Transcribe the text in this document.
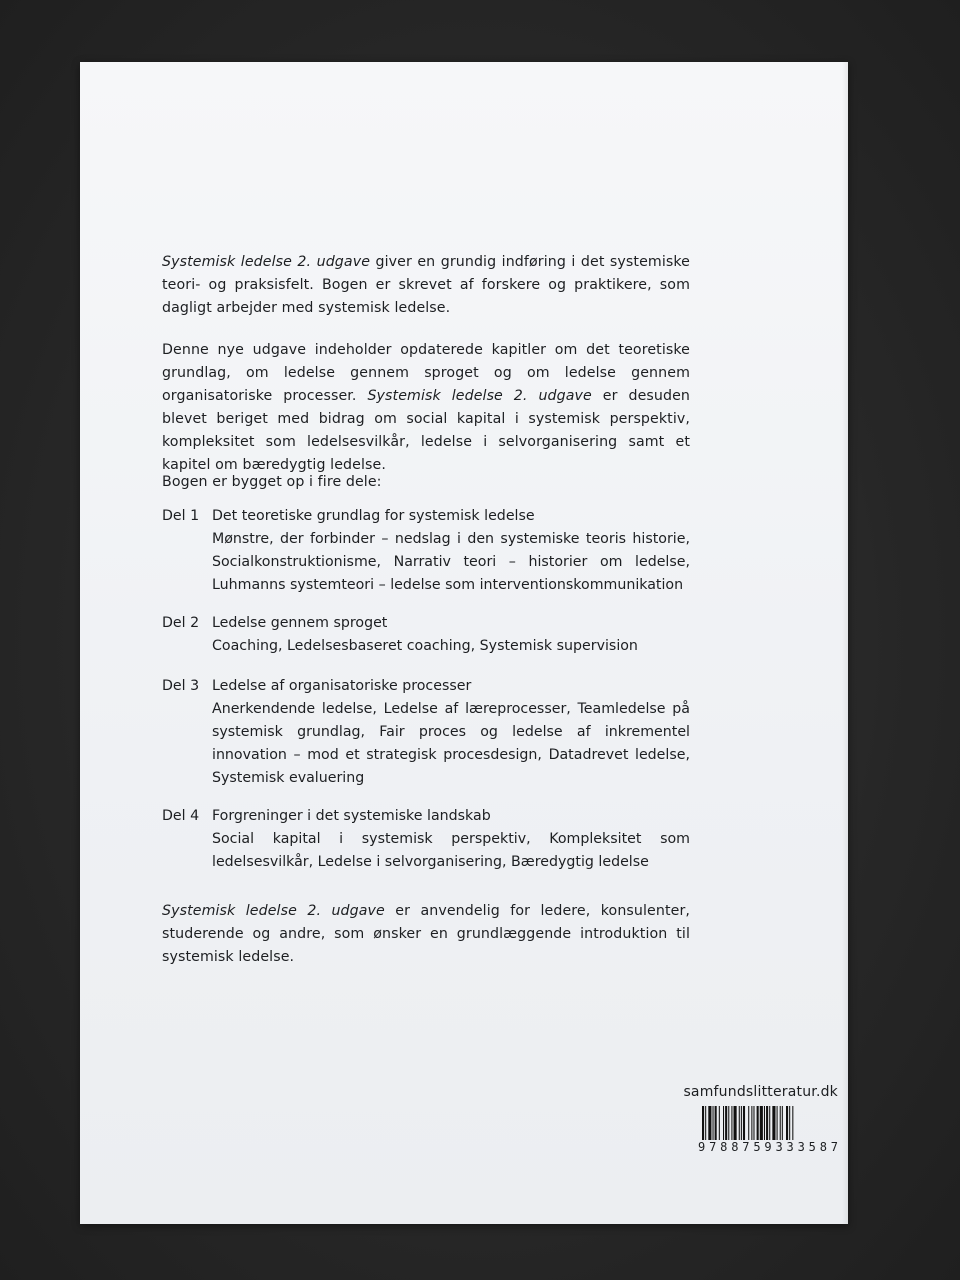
Systemisk ledelse 2. udgave giver en grundig indføring i det systemiske teori- og praksisfelt. Bogen er skrevet af forskere og praktikere, som dagligt arbejder med systemisk ledelse.

Denne nye udgave indeholder opdaterede kapitler om det teoretiske grundlag, om ledelse gennem sproget og om ledelse gennem organisatoriske processer. Systemisk ledelse 2. udgave er desuden blevet beriget med bidrag om social kapital i systemisk perspektiv, kompleksitet som ledelsesvilkår, ledelse i selvorganisering samt et kapitel om bæredygtig ledelse.

Bogen er bygget op i fire dele:

Del 1 Det teoretiske grundlag for systemisk ledelse
Mønstre, der forbinder – nedslag i den systemiske teoris historie, Socialkonstruktionisme, Narrativ teori – historier om ledelse, Luhmanns systemteori – ledelse som interventionskommunikation
Del 2 Ledelse gennem sproget
Coaching, Ledelsesbaseret coaching, Systemisk supervision
Del 3 Ledelse af organisatoriske processer
Anerkendende ledelse, Ledelse af læreprocesser, Teamledelse på systemisk grundlag, Fair proces og ledelse af inkrementel innovation – mod et strategisk procesdesign, Datadrevet ledelse, Systemisk evaluering
Del 4 Forgreninger i det systemiske landskab
Social kapital i systemisk perspektiv, Kompleksitet som ledelsesvilkår, Ledelse i selvorganisering, Bæredygtig ledelse

Systemisk ledelse 2. udgave er anvendelig for ledere, konsulenter, studerende og andre, som ønsker en grundlæggende introduktion til systemisk ledelse.

samfundslitteratur.dk
9 7 8 8 7 5 9 3 3 3 5 8 7
